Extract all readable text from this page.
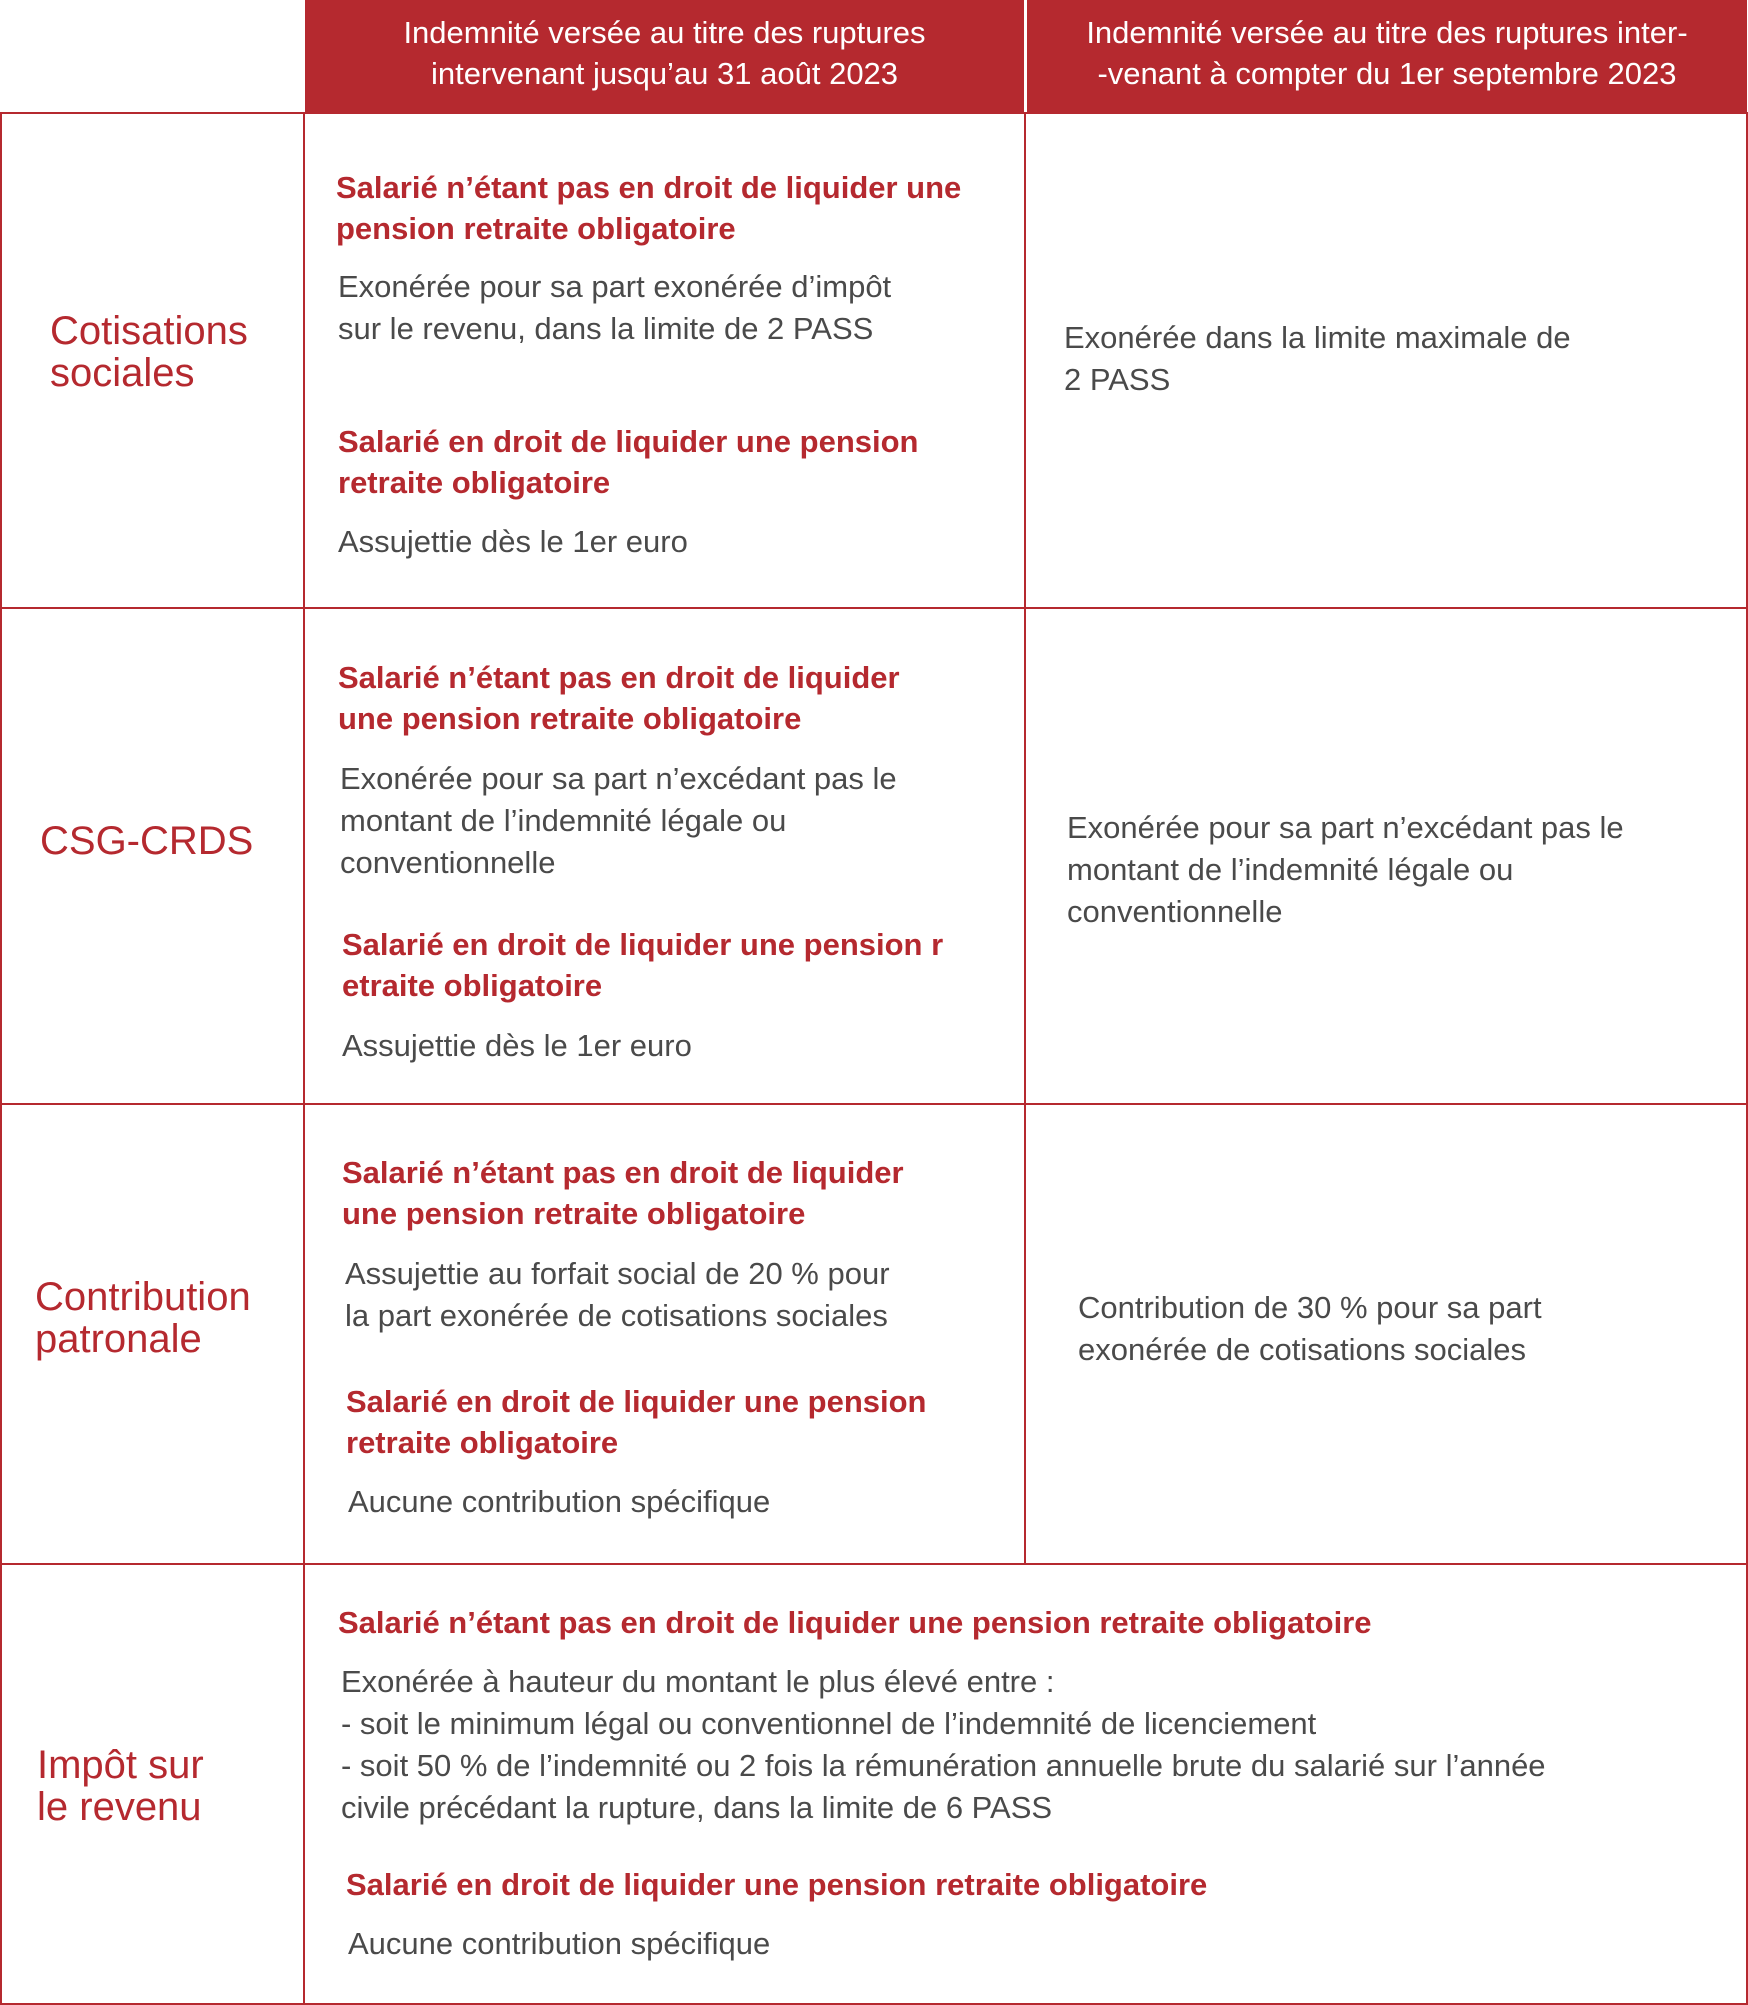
Indemnité versée au titre des ruptures
intervenant jusqu’au 31 août 2023
Indemnité versée au titre des ruptures inter-
-venant à compter du 1er septembre 2023
Cotisations
sociales
Salarié n’étant pas en droit de liquider une
pension retraite obligatoire
Exonérée pour sa part exonérée d’impôt
sur le revenu, dans la limite de 2 PASS
Salarié en droit de liquider une pension
retraite obligatoire
Assujettie dès le 1er euro
Exonérée dans la limite maximale de
2 PASS
CSG-CRDS
Salarié n’étant pas en droit de liquider
une pension retraite obligatoire
Exonérée pour sa part n’excédant pas le
montant de l’indemnité légale ou
conventionnelle
Salarié en droit de liquider une pension r
etraite obligatoire
Assujettie dès le 1er euro
Exonérée pour sa part n’excédant pas le
montant de l’indemnité légale ou
conventionnelle
Contribution
patronale
Salarié n’étant pas en droit de liquider
une pension retraite obligatoire
Assujettie au forfait social de 20 % pour
la part exonérée de cotisations sociales
Salarié en droit de liquider une pension
retraite obligatoire
Aucune contribution spécifique
Contribution de 30 % pour sa part
exonérée de cotisations sociales
Impôt sur
le revenu
Salarié n’étant pas en droit de liquider une pension retraite obligatoire
Exonérée à hauteur du montant le plus élevé entre :
- soit le minimum légal ou conventionnel de l’indemnité de licenciement
- soit 50 % de l’indemnité ou 2 fois la rémunération annuelle brute du salarié sur l’année
civile précédant la rupture, dans la limite de 6 PASS
Salarié en droit de liquider une pension retraite obligatoire
Aucune contribution spécifique
